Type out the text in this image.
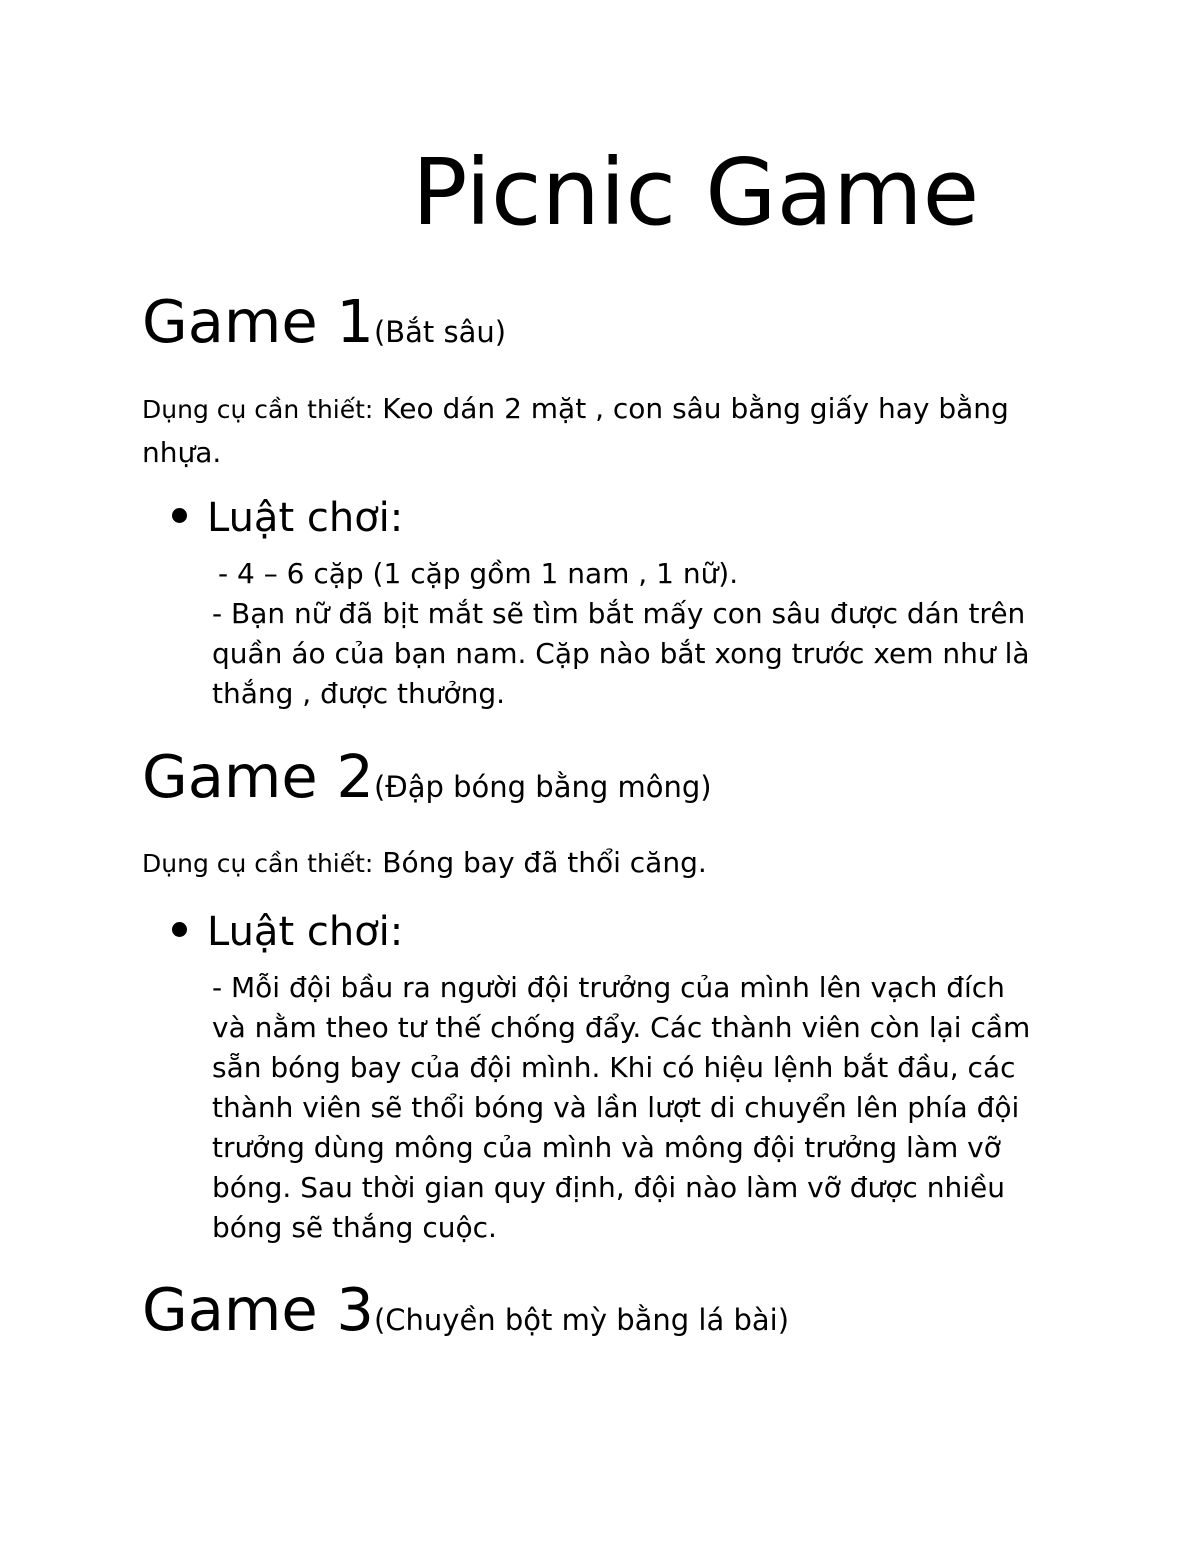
Picnic Game
Game 1(Bắt sâu)
Dụng cụ cần thiết: Keo dán 2 mặt , con sâu bằng giấy hay bằng nhựa.
Luật chơi:

- 4 – 6 cặp (1 cặp gồm 1 nam , 1 nữ).

- Bạn nữ đã bịt mắt sẽ tìm bắt mấy con sâu được dán trên quần áo của bạn nam. Cặp nào bắt xong trước xem như là thắng , được thưởng.

Game 2(Đập bóng bằng mông)
Dụng cụ cần thiết: Bóng bay đã thổi căng.
Luật chơi:

- Mỗi đội bầu ra người đội trưởng của mình lên vạch đích và nằm theo tư thế chống đẩy. Các thành viên còn lại cầm sẵn bóng bay của đội mình. Khi có hiệu lệnh bắt đầu, các thành viên sẽ thổi bóng và lần lượt di chuyển lên phía đội trưởng dùng mông của mình và mông đội trưởng làm vỡ bóng. Sau thời gian quy định, đội nào làm vỡ được nhiều bóng sẽ thắng cuộc.

Game 3(Chuyền bột mỳ bằng lá bài)
